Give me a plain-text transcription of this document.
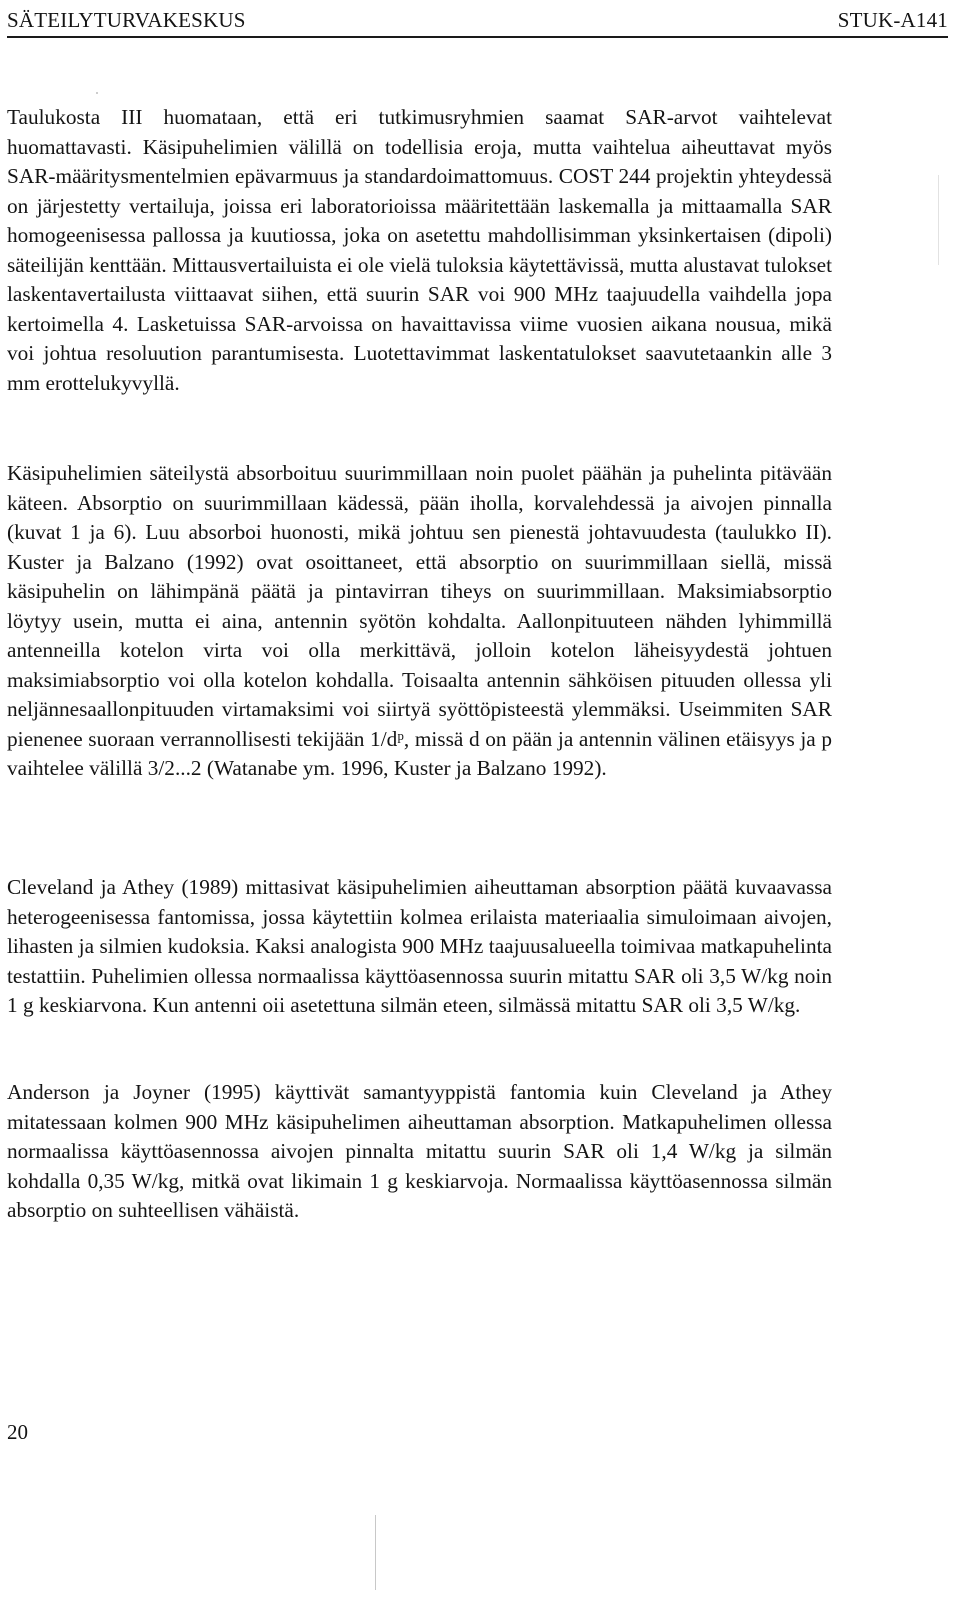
SÄTEILYTURVAKESKUS	STUK-A141

Taulukosta III huomataan, että eri tutkimusryhmien saamat SAR-arvot vaihtelevat huomattavasti. Käsipuhelimien välillä on todellisia eroja, mutta vaihtelua aiheuttavat myös SAR-määritysmentelmien epävarmuus ja standardoimattomuus. COST 244 projektin yhteydessä on järjestetty vertailuja, joissa eri laboratorioissa määritettään laskemalla ja mittaamalla SAR homogeenisessa pallossa ja kuutiossa, joka on asetettu mahdollisimman yksinkertaisen (dipoli) säteilijän kenttään. Mittausvertailuista ei ole vielä tuloksia käytettävissä, mutta alustavat tulokset laskentavertailusta viittaavat siihen, että suurin SAR voi 900 MHz taajuudella vaihdella jopa kertoimella 4. Lasketuissa SAR-arvoissa on havaittavissa viime vuosien aikana nousua, mikä voi johtua resoluution parantumisesta. Luotettavimmat laskentatulokset saavutetaankin alle 3 mm erottelukyvyllä.

Käsipuhelimien säteilystä absorboituu suurimmillaan noin puolet päähän ja puhelinta pitävään käteen. Absorptio on suurimmillaan kädessä, pään iholla, korvalehdessä ja aivojen pinnalla (kuvat 1 ja 6). Luu absorboi huonosti, mikä johtuu sen pienestä johtavuudesta (taulukko II). Kuster ja Balzano (1992) ovat osoittaneet, että absorptio on suurimmillaan siellä, missä käsipuhelin on lähimpänä päätä ja pintavirran tiheys on suurimmillaan. Maksimiabsorptio löytyy usein, mutta ei aina, antennin syötön kohdalta. Aallonpituuteen nähden lyhimmillä antenneilla kotelon virta voi olla merkittävä, jolloin kotelon läheisyydestä johtuen maksimiabsorptio voi olla kotelon kohdalla. Toisaalta antennin sähköisen pituuden ollessa yli neljännesaallonpituuden virtamaksimi voi siirtyä syöttöpisteestä ylemmäksi. Useimmiten SAR pienenee suoraan verrannollisesti tekijään 1/dᵖ, missä d on pään ja antennin välinen etäisyys ja p vaihtelee välillä 3/2...2 (Watanabe ym. 1996, Kuster ja Balzano 1992).

Cleveland ja Athey (1989) mittasivat käsipuhelimien aiheuttaman absorption päätä kuvaavassa heterogeenisessa fantomissa, jossa käytettiin kolmea erilaista materiaalia simuloimaan aivojen, lihasten ja silmien kudoksia. Kaksi analogista 900 MHz taajuusalueella toimivaa matkapuhelinta testattiin. Puhelimien ollessa normaalissa käyttöasennossa suurin mitattu SAR oli 3,5 W/kg noin 1 g keskiarvona. Kun antenni oii asetettuna silmän eteen, silmässä mitattu SAR oli 3,5 W/kg.

Anderson ja Joyner (1995) käyttivät samantyyppistä fantomia kuin Cleveland ja Athey mitatessaan kolmen 900 MHz käsipuhelimen aiheuttaman absorption. Matkapuhelimen ollessa normaalissa käyttöasennossa aivojen pinnalta mitattu suurin SAR oli 1,4 W/kg ja silmän kohdalla 0,35 W/kg, mitkä ovat likimain 1 g keskiarvoja. Normaalissa käyttöasennossa silmän absorptio on suhteellisen vähäistä.

20
